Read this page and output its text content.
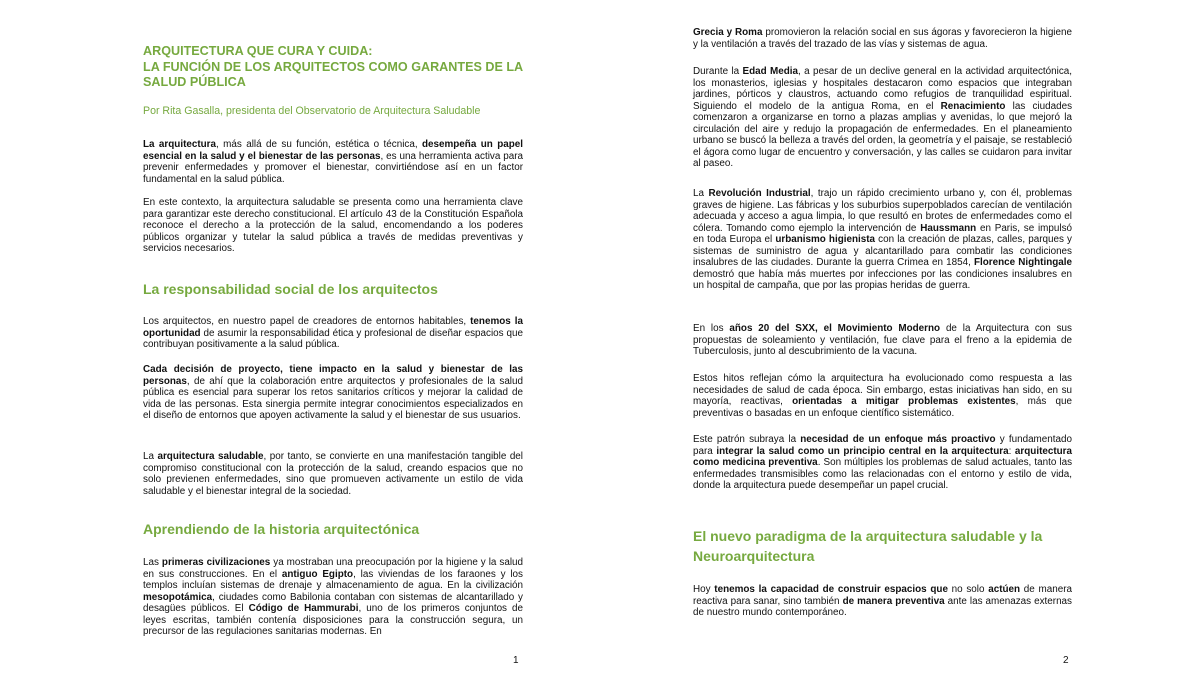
ARQUITECTURA QUE CURA Y CUIDA:
LA FUNCIÓN DE LOS ARQUITECTOS COMO GARANTES DE LA SALUD PÚBLICA

Por Rita Gasalla, presidenta del Observatorio de Arquitectura Saludable

La arquitectura, más allá de su función, estética o técnica, desempeña un papel esencial en la salud y el bienestar de las personas, es una herramienta activa para prevenir enfermedades y promover el bienestar, convirtiéndose así en un factor fundamental en la salud pública.

En este contexto, la arquitectura saludable se presenta como una herramienta clave para garantizar este derecho constitucional. El artículo 43 de la Constitución Española reconoce el derecho a la protección de la salud, encomendando a los poderes públicos organizar y tutelar la salud pública a través de medidas preventivas y servicios necesarios.

La responsabilidad social de los arquitectos

Los arquitectos, en nuestro papel de creadores de entornos habitables, tenemos la oportunidad de asumir la responsabilidad ética y profesional de diseñar espacios que contribuyan positivamente a la salud pública.

Cada decisión de proyecto, tiene impacto en la salud y bienestar de las personas, de ahí que la colaboración entre arquitectos y profesionales de la salud pública es esencial para superar los retos sanitarios críticos y mejorar la calidad de vida de las personas. Esta sinergia permite integrar conocimientos especializados en el diseño de entornos que apoyen activamente la salud y el bienestar de sus usuarios.

La arquitectura saludable, por tanto, se convierte en una manifestación tangible del compromiso constitucional con la protección de la salud, creando espacios que no solo previenen enfermedades, sino que promueven activamente un estilo de vida saludable y el bienestar integral de la sociedad.

Aprendiendo de la historia arquitectónica

Las primeras civilizaciones ya mostraban una preocupación por la higiene y la salud en sus construcciones. En el antiguo Egipto, las viviendas de los faraones y los templos incluían sistemas de drenaje y almacenamiento de agua. En la civilización mesopotámica, ciudades como Babilonia contaban con sistemas de alcantarillado y desagües públicos. El Código de Hammurabi, uno de los primeros conjuntos de leyes escritas, también contenía disposiciones para la construcción segura, un precursor de las regulaciones sanitarias modernas. En

1

Grecia y Roma promovieron la relación social en sus ágoras y favorecieron la higiene y la ventilación a través del trazado de las vías y sistemas de agua.

Durante la Edad Media, a pesar de un declive general en la actividad arquitectónica, los monasterios, iglesias y hospitales destacaron como espacios que integraban jardines, pórticos y claustros, actuando como refugios de tranquilidad espiritual. Siguiendo el modelo de la antigua Roma, en el Renacimiento las ciudades comenzaron a organizarse en torno a plazas amplias y avenidas, lo que mejoró la circulación del aire y redujo la propagación de enfermedades. En el planeamiento urbano se buscó la belleza a través del orden, la geometría y el paisaje, se restableció el ágora como lugar de encuentro y conversación, y las calles se cuidaron para invitar al paseo.

La Revolución Industrial, trajo un rápido crecimiento urbano y, con él, problemas graves de higiene. Las fábricas y los suburbios superpoblados carecían de ventilación adecuada y acceso a agua limpia, lo que resultó en brotes de enfermedades como el cólera. Tomando como ejemplo la intervención de Haussmann en Paris, se impulsó en toda Europa el urbanismo higienista con la creación de plazas, calles, parques y sistemas de suministro de agua y alcantarillado para combatir las condiciones insalubres de las ciudades. Durante la guerra Crimea en 1854, Florence Nightingale demostró que había más muertes por infecciones por las condiciones insalubres en un hospital de campaña, que por las propias heridas de guerra.

En los años 20 del SXX, el Movimiento Moderno de la Arquitectura con sus propuestas de soleamiento y ventilación, fue clave para el freno a la epidemia de Tuberculosis, junto al descubrimiento de la vacuna.

Estos hitos reflejan cómo la arquitectura ha evolucionado como respuesta a las necesidades de salud de cada época. Sin embargo, estas iniciativas han sido, en su mayoría, reactivas, orientadas a mitigar problemas existentes, más que preventivas o basadas en un enfoque científico sistemático.

Este patrón subraya la necesidad de un enfoque más proactivo y fundamentado para integrar la salud como un principio central en la arquitectura: arquitectura como medicina preventiva. Son múltiples los problemas de salud actuales, tanto las enfermedades transmisibles como las relacionadas con el entorno y estilo de vida, donde la arquitectura puede desempeñar un papel crucial.

El nuevo paradigma de la arquitectura saludable y la Neuroarquitectura

Hoy tenemos la capacidad de construir espacios que no solo actúen de manera reactiva para sanar, sino también de manera preventiva ante las amenazas externas de nuestro mundo contemporáneo.

2
